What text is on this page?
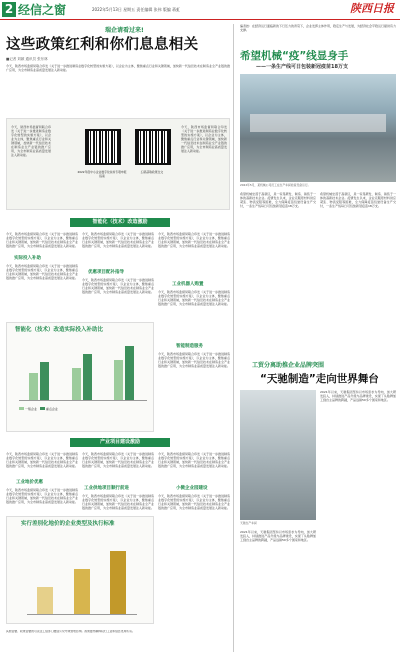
2 经信之窗	2022年5月13日 星期五 责任编辑 张伟 版编 蒋虹	陕西日报
瑞企请看过来!
这些政策红利和你们息息相关
■记者 刘颖 通讯员 张东林
今天，陕西市场监督局联合印发《关于进一步推进制造业数字化转型的实施方案》，以企业为主体，聚焦重点行业和关键领域，加快新一代信息技术在制造业全产业链的推广应用，为全市制造业高质量发展注入新动能。
今天，陕西市场监督局联合印发《关于进一步推进制造业数字化转型的实施方案》，以企业为主体，聚焦重点行业和关键领域，加快新一代信息技术在制造业全产业链的推广应用，为全市制造业高质量发展注入新动能。
2022年度中小企业数字化扶持专项申报指南
扫码获取政策全文
今天，陕西市场监督局联合印发《关于进一步推进制造业数字化转型的实施方案》，以企业为主体，聚焦重点行业和关键领域，加快新一代信息技术在制造业全产业链的推广应用，为全市制造业高质量发展注入新动能。
智能化（技术）改造激励
今天，陕西市场监督局联合印发《关于进一步推进制造业数字化转型的实施方案》，以企业为主体，聚焦重点行业和关键领域，加快新一代信息技术在制造业全产业链的推广应用，为全市制造业高质量发展注入新动能。
实际投入补助
今天，陕西市场监督局联合印发《关于进一步推进制造业数字化转型的实施方案》，以企业为主体，聚焦重点行业和关键领域，加快新一代信息技术在制造业全产业链的推广应用，为全市制造业高质量发展注入新动能。
今天，陕西市场监督局联合印发《关于进一步推进制造业数字化转型的实施方案》，以企业为主体，聚焦重点行业和关键领域，加快新一代信息技术在制造业全产业链的推广应用，为全市制造业高质量发展注入新动能。
优惠项目配补指导
今天，陕西市场监督局联合印发《关于进一步推进制造业数字化转型的实施方案》，以企业为主体，聚焦重点行业和关键领域，加快新一代信息技术在制造业全产业链的推广应用，为全市制造业高质量发展注入新动能。
今天，陕西市场监督局联合印发《关于进一步推进制造业数字化转型的实施方案》，以企业为主体，聚焦重点行业和关键领域，加快新一代信息技术在制造业全产业链的推广应用，为全市制造业高质量发展注入新动能。
工业机器人购置
今天，陕西市场监督局联合印发《关于进一步推进制造业数字化转型的实施方案》，以企业为主体，聚焦重点行业和关键领域，加快新一代信息技术在制造业全产业链的推广应用，为全市制造业高质量发展注入新动能。
智能制造服务
今天，陕西市场监督局联合印发《关于进一步推进制造业数字化转型的实施方案》，以企业为主体，聚焦重点行业和关键领域，加快新一代信息技术在制造业全产业链的推广应用，为全市制造业高质量发展注入新动能。
智能化（技术）改造实际投入补助比
一般企业	重点企业
产业项目建设激励
今天，陕西市场监督局联合印发《关于进一步推进制造业数字化转型的实施方案》，以企业为主体，聚焦重点行业和关键领域，加快新一代信息技术在制造业全产业链的推广应用，为全市制造业高质量发展注入新动能。
工业地价优惠
今天，陕西市场监督局联合印发《关于进一步推进制造业数字化转型的实施方案》，以企业为主体，聚焦重点行业和关键领域，加快新一代信息技术在制造业全产业链的推广应用，为全市制造业高质量发展注入新动能。
今天，陕西市场监督局联合印发《关于进一步推进制造业数字化转型的实施方案》，以企业为主体，聚焦重点行业和关键领域，加快新一代信息技术在制造业全产业链的推广应用，为全市制造业高质量发展注入新动能。
工业供地项目顺行前进
今天，陕西市场监督局联合印发《关于进一步推进制造业数字化转型的实施方案》，以企业为主体，聚焦重点行业和关键领域，加快新一代信息技术在制造业全产业链的推广应用，为全市制造业高质量发展注入新动能。
今天，陕西市场监督局联合印发《关于进一步推进制造业数字化转型的实施方案》，以企业为主体，聚焦重点行业和关键领域，加快新一代信息技术在制造业全产业链的推广应用，为全市制造业高质量发展注入新动能。
小微企业园建设
今天，陕西市场监督局联合印发《关于进一步推进制造业数字化转型的实施方案》，以企业为主体，聚焦重点行业和关键领域，加快新一代信息技术在制造业全产业链的推广应用，为全市制造业高质量发展注入新动能。
实行差别化地价的企业类型及执行标准
其他需要、政策需要的可关注工信部门微信公众号或致电咨询。政策最终解释权归工业和信息化局所有。
编者按：在经济运行面临新的下行压力的背景下，企业发挥主体作用，稳定生产与发展，为经济社会平稳运行提供有力支撑。
希望机械“疫”线显身手
——一条生产线可日包装新冠疫苗18万支
2022年5月，某机械公司员工在生产车间检查设备运行。
希望机械坐落于高新区，是一家集研发、制造、销售于一体的高新技术企业。疫情发生以来，企业克服原材料供应紧张、物流受阻等困难，全力保障疫苗包装设备生产交付，一条生产线每日可包装新冠疫苗18万支。
希望机械坐落于高新区，是一家集研发、制造、销售于一体的高新技术企业。疫情发生以来，企业克服原材料供应紧张、物流受阻等困难，全力保障疫苗包装设备生产交付，一条生产线每日可包装新冠疫苗18万支。
工贸分离助推企业品牌突围
“天驰制造”走向世界舞台
天驰生产车间
2021年以来，天驰集团坚持以市场需求为导向，加大研发投入，持续推进产品升级与品牌建设，实现了从贴牌加工到自主品牌的跨越，产品远销50多个国家和地区。
2021年以来，天驰集团坚持以市场需求为导向，加大研发投入，持续推进产品升级与品牌建设，实现了从贴牌加工到自主品牌的跨越，产品远销50多个国家和地区。
